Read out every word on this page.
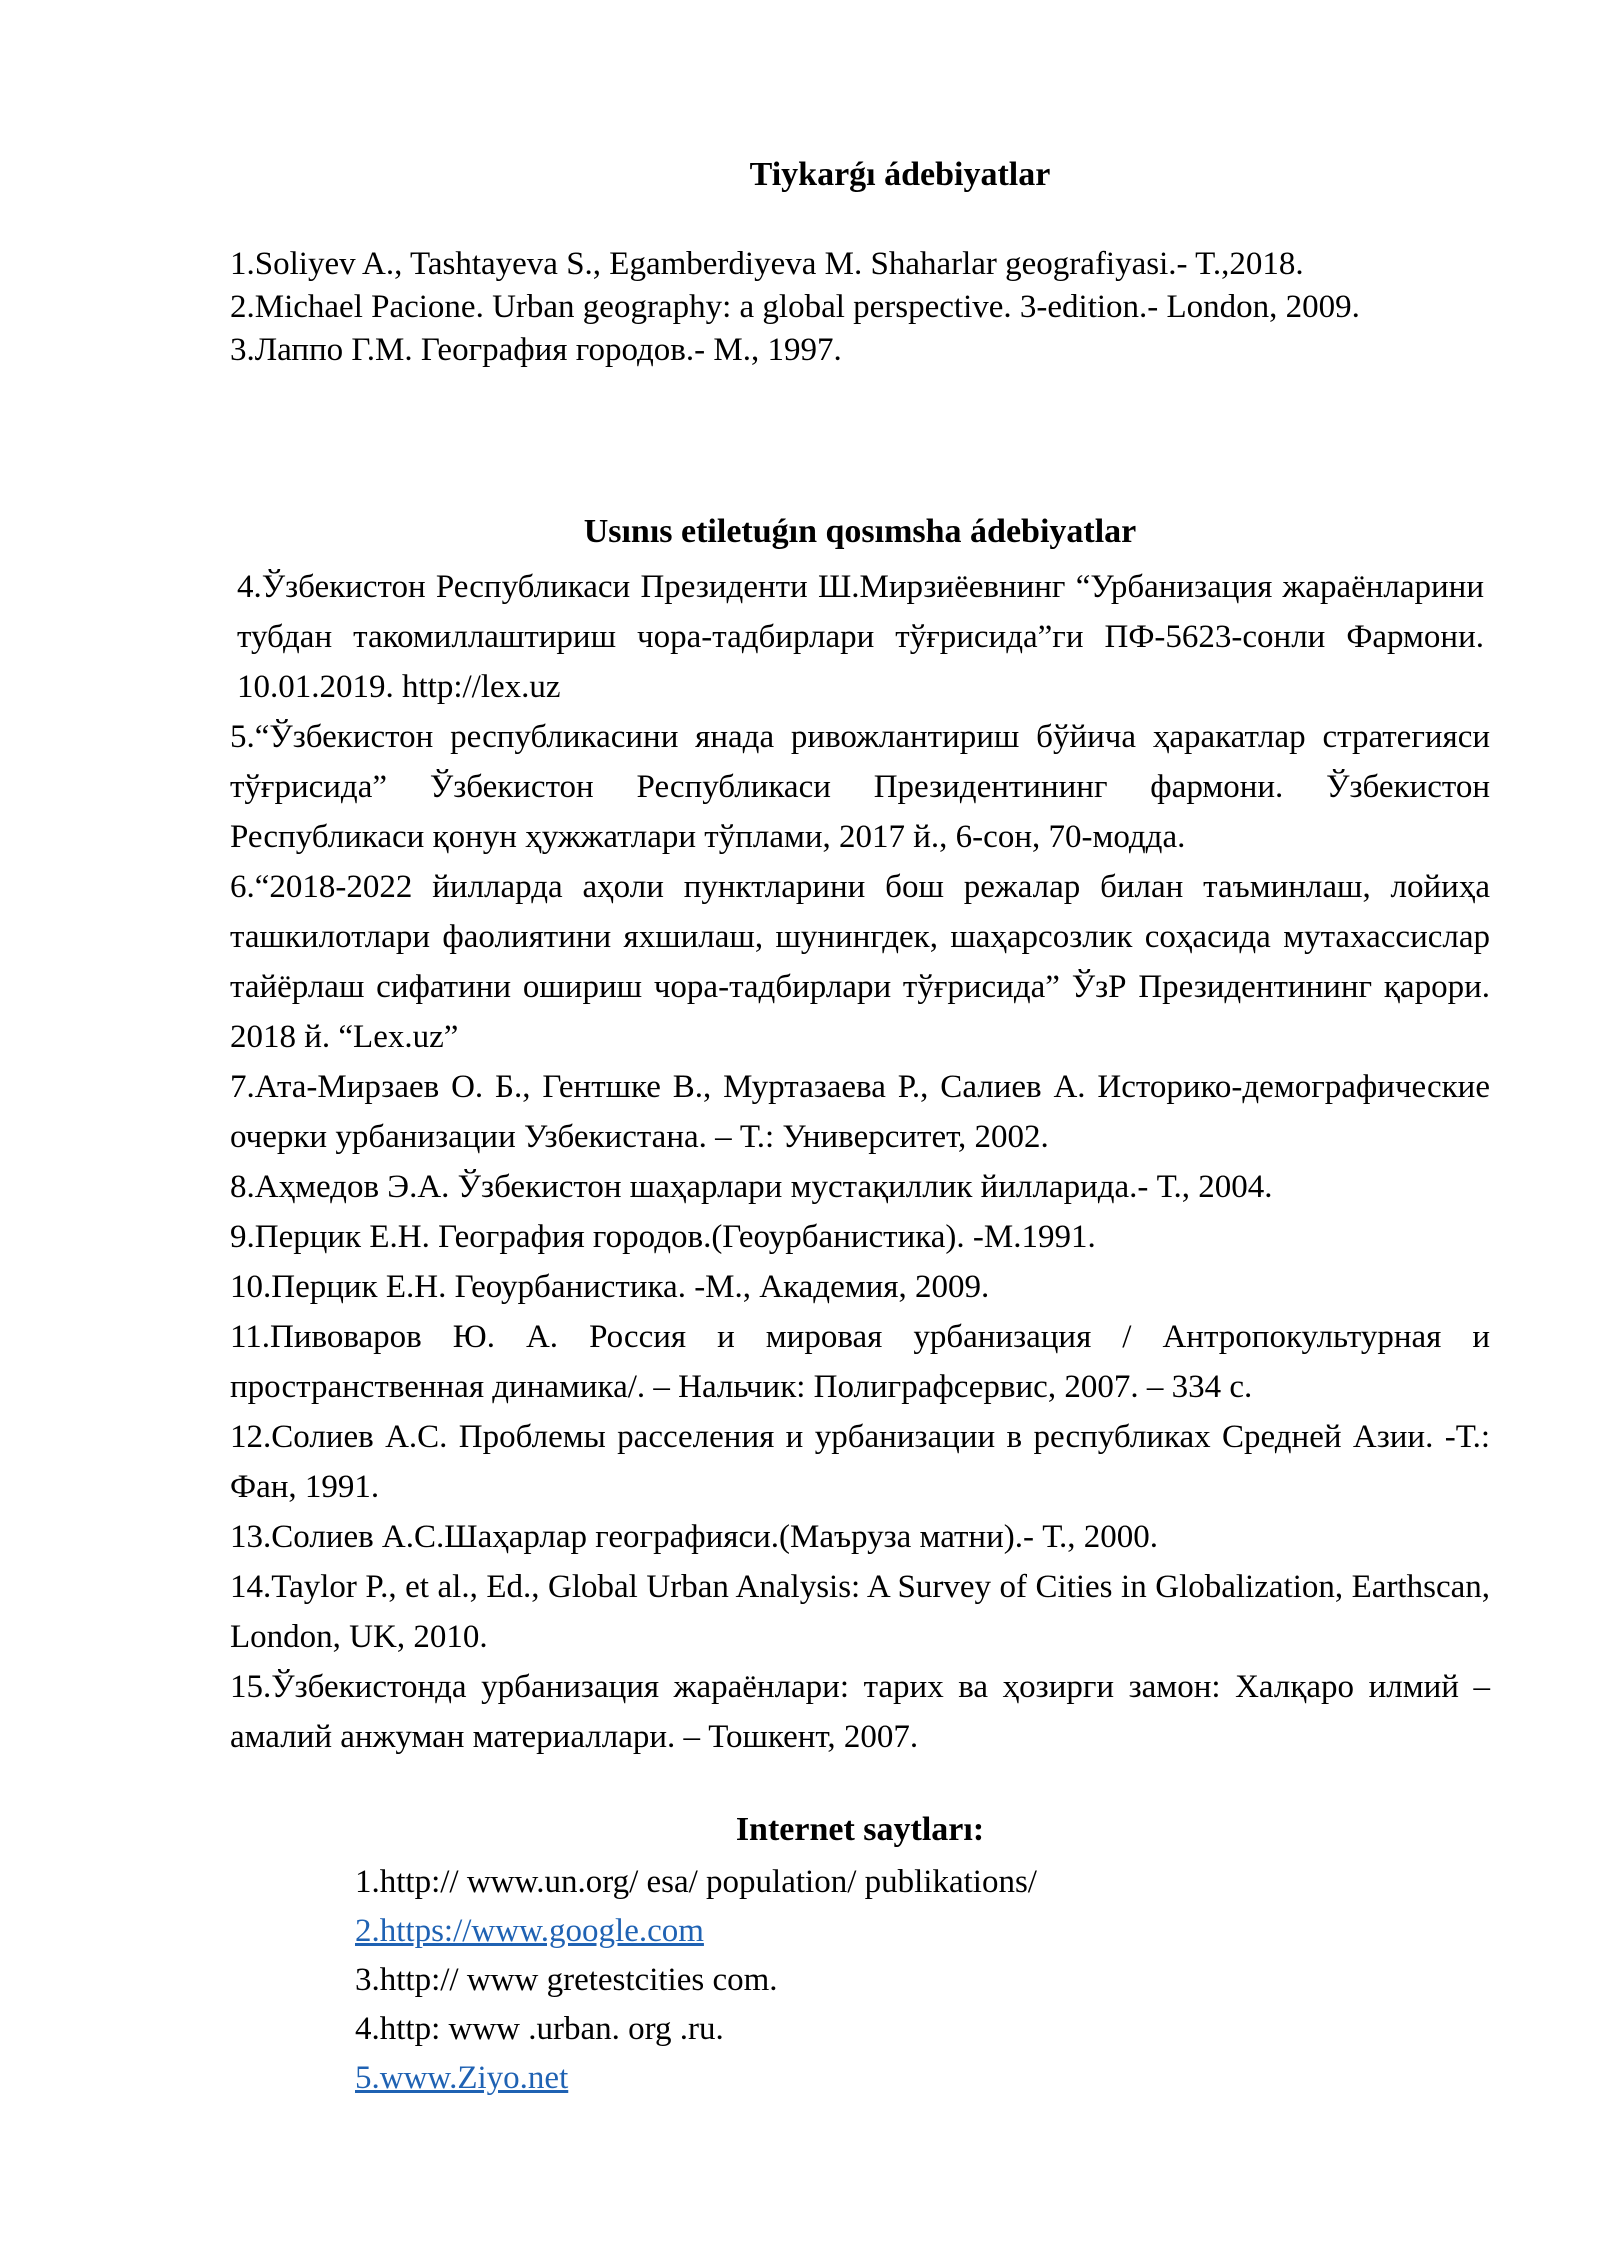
Tiykarǵı ádebiyatlar

1.Soliyev A., Tashtayeva S., Egamberdiyeva M. Shaharlar geografiyasi.- T.,2018.

2.Michael Pacione. Urban geography: a global perspective. 3-edition.- London, 2009.

3.Лаппо Г.М. География городов.- М., 1997.

Usınıs etiletuǵın qosımsha ádebiyatlar

4.Ўзбекистон Республикаси Президенти Ш.Мирзиёевнинг “Урбанизация жараёнларини тубдан такомиллаштириш чора-тадбирлари тўғрисида”ги ПФ-5623-сонли Фармони. 10.01.2019. http://lex.uz

5.“Ўзбекистон республикасини янада ривожлантириш бўйича ҳаракатлар стратегияси тўғрисида” Ўзбекистон Республикаси Президентининг фармони. Ўзбекистон Республикаси қонун ҳужжатлари тўплами, 2017 й., 6-сон, 70-модда.

6.“2018-2022 йилларда аҳоли пунктларини бош режалар билан таъминлаш, лойиҳа ташкилотлари фаолиятини яхшилаш, шунингдек, шаҳарсозлик соҳасида мутахассислар тайёрлаш сифатини ошириш чора-тадбирлари тўғрисида” ЎзР Президентининг қарори. 2018 й. “Lex.uz”

7.Ата-Мирзаев О. Б., Гентшке В., Муртазаева Р., Салиев А. Историко-демографические очерки урбанизации Узбекистана. – Т.: Университет, 2002.

8.Аҳмедов Э.А. Ўзбекистон шаҳарлари мустақиллик йилларида.- Т., 2004.

9.Перцик Е.Н. География городов.(Геоурбанистика). -М.1991.

10.Перцик Е.Н. Геоурбанистика. -М., Академия, 2009.

11.Пивоваров Ю. А. Россия и мировая урбанизация / Антропокультурная и пространственная динамика/. – Нальчик: Полиграфсервис, 2007. – 334 с.

12.Солиев А.С. Проблемы расселения и урбанизации в республиках Средней Азии. -Т.: Фан, 1991.

13.Солиев А.С.Шаҳарлар географияси.(Маъруза матни).- Т., 2000.

14.Taylor P., et al., Ed., Global Urban Analysis: A Survey of Cities in Globalization, Earthscan, London, UK, 2010.

15.Ўзбекистонда урбанизация жараёнлари: тарих ва ҳозирги замон: Халқаро илмий – амалий анжуман материаллари. – Тошкент, 2007.

Internet saytları:
1.http:// www.un.org/ esa/ population/ publikations/
2.https://www.google.com
3.http:// www gretestcities com.
4.http: www .urban. org .ru.
5.www.Ziyo.net
